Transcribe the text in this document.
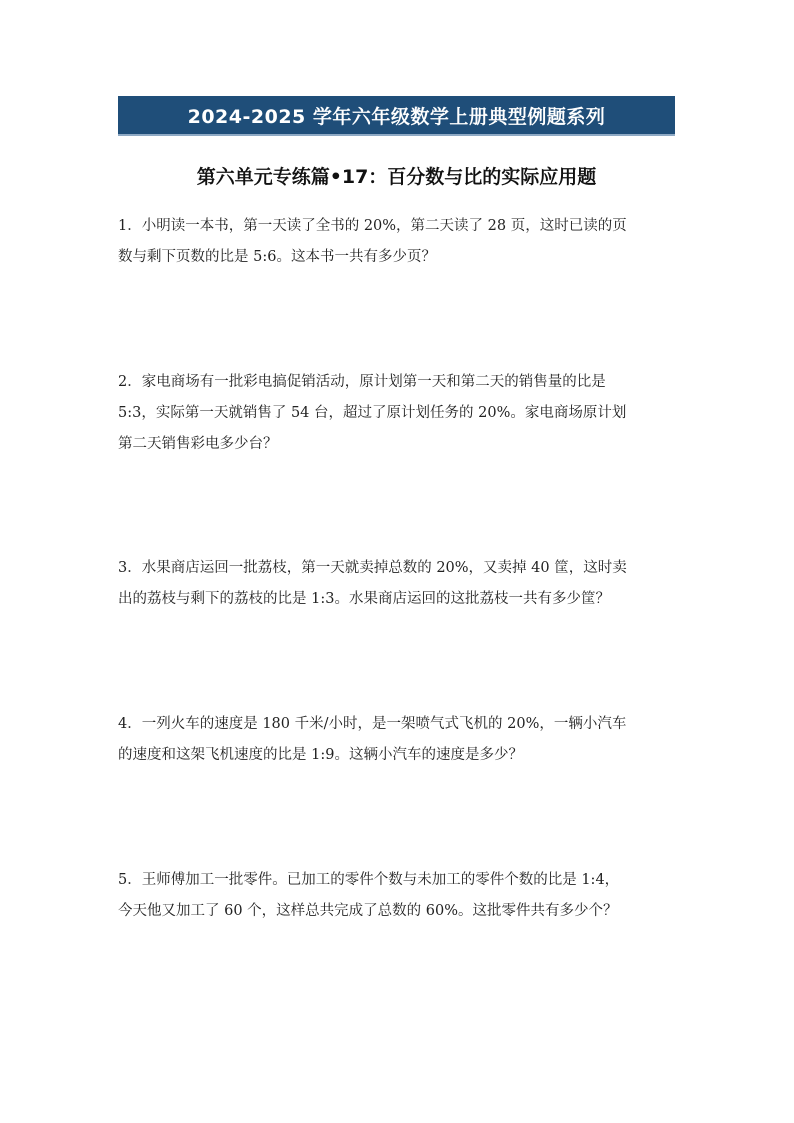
2024-2025 学年六年级数学上册典型例题系列
第六单元专练篇•17：百分数与比的实际应用题

1．小明读一本书，第一天读了全书的 20%，第二天读了 28 页，这时已读的页

数与剩下页数的比是 5:6。这本书一共有多少页？

2．家电商场有一批彩电搞促销活动，原计划第一天和第二天的销售量的比是

5:3，实际第一天就销售了 54 台，超过了原计划任务的 20%。家电商场原计划

第二天销售彩电多少台？

3．水果商店运回一批荔枝，第一天就卖掉总数的 20%，又卖掉 40 筐，这时卖

出的荔枝与剩下的荔枝的比是 1:3。水果商店运回的这批荔枝一共有多少筐？

4．一列火车的速度是 180 千米/小时，是一架喷气式飞机的 20%，一辆小汽车

的速度和这架飞机速度的比是 1:9。这辆小汽车的速度是多少？

5．王师傅加工一批零件。已加工的零件个数与未加工的零件个数的比是 1:4，

今天他又加工了 60 个，这样总共完成了总数的 60%。这批零件共有多少个？
